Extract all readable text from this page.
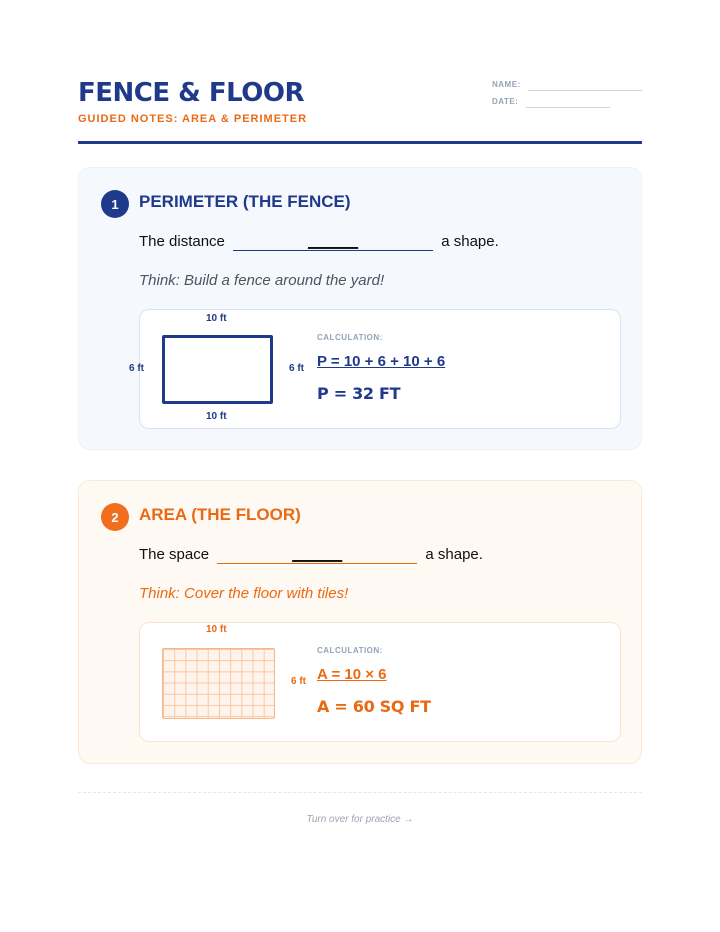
FENCE & FLOOR
GUIDED NOTES: AREA & PERIMETER
NAME:
DATE:
1	PERIMETER (THE FENCE)
The distance	______	a shape.
Think: Build a fence around the yard!
10 ft
6 ft	6 ft
10 ft
CALCULATION:
P = 10 + 6 + 10 + 6
P = 32 FT
2	AREA (THE FLOOR)
The space	______	a shape.
Think: Cover the floor with tiles!
10 ft
6 ft
CALCULATION:
A = 10 × 6
A = 60 SQ FT
Turn over for practice →
